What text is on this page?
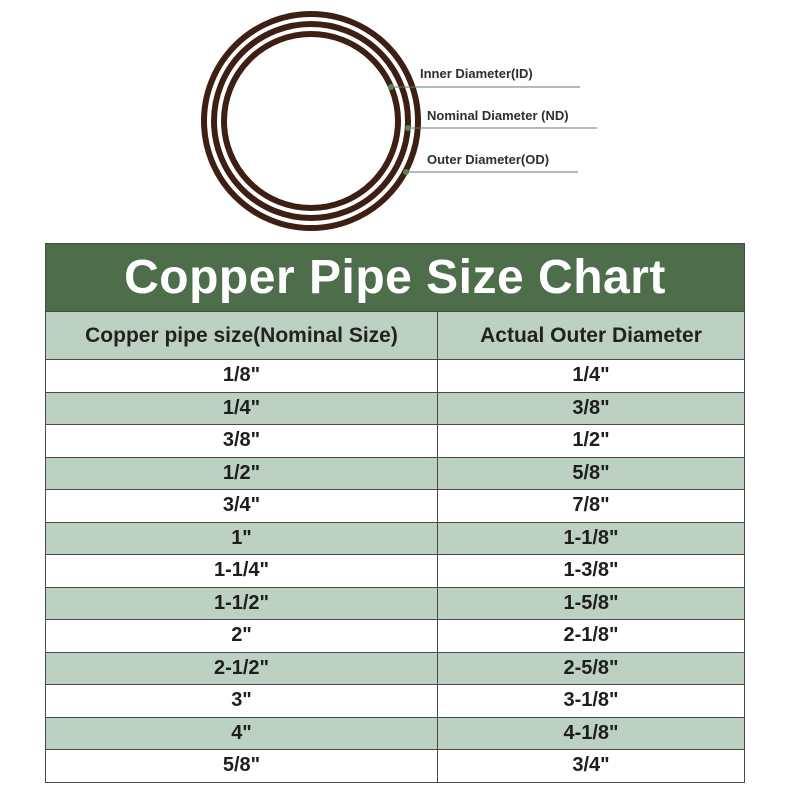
Inner Diameter(ID)
Nominal Diameter (ND)
Outer Diameter(OD)
Copper Pipe Size Chart	
Copper pipe size(Nominal Size)	Actual Outer Diameter
1/8"	1/4"
1/4"	3/8"
3/8"	1/2"
1/2"	5/8"
3/4"	7/8"
1"	1-1/8"
1-1/4"	1-3/8"
1-1/2"	1-5/8"
2"	2-1/8"
2-1/2"	2-5/8"
3"	3-1/8"
4"	4-1/8"
5/8"	3/4"
